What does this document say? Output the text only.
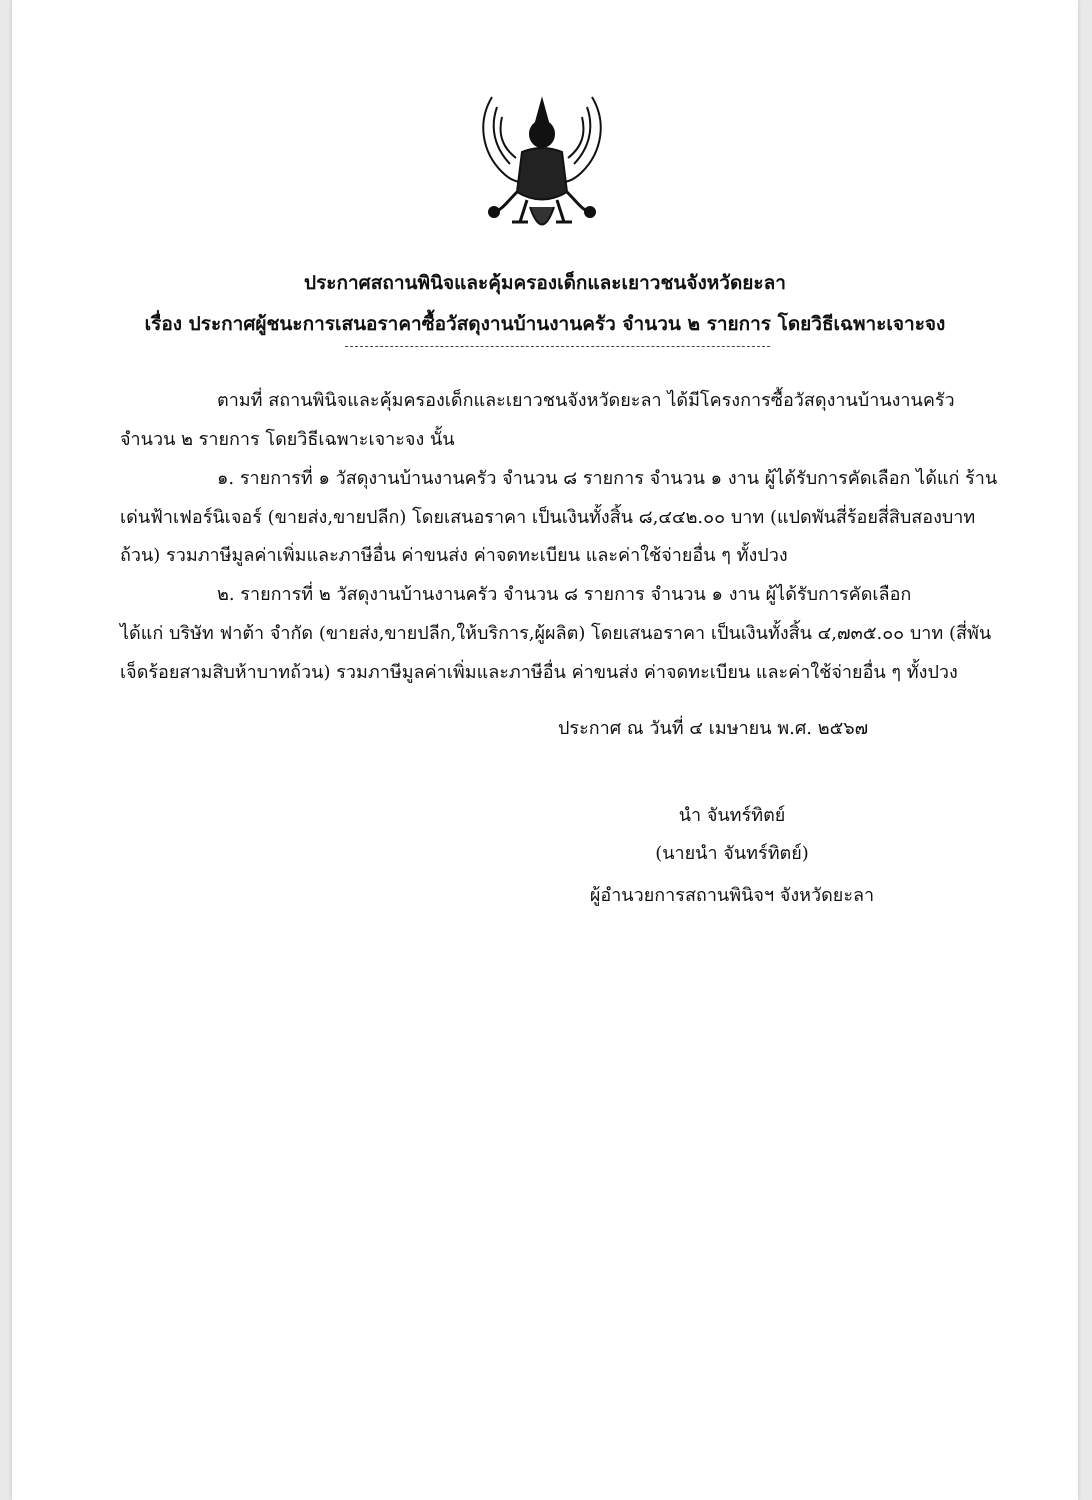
ประกาศสถานพินิจและคุ้มครองเด็กและเยาวชนจังหวัดยะลา
เรื่อง ประกาศผู้ชนะการเสนอราคาซื้อวัสดุงานบ้านงานครัว จำนวน ๒ รายการ โดยวิธีเฉพาะเจาะจง
ตามที่ สถานพินิจและคุ้มครองเด็กและเยาวชนจังหวัดยะลา ได้มีโครงการซื้อวัสดุงานบ้านงานครัว
จำนวน ๒ รายการ โดยวิธีเฉพาะเจาะจง นั้น
๑. รายการที่ ๑ วัสดุงานบ้านงานครัว จำนวน ๘ รายการ จำนวน ๑ งาน ผู้ได้รับการคัดเลือก ได้แก่ ร้าน
เด่นฟ้าเฟอร์นิเจอร์ (ขายส่ง,ขายปลีก) โดยเสนอราคา เป็นเงินทั้งสิ้น ๘,๔๔๒.๐๐ บาท (แปดพันสี่ร้อยสี่สิบสองบาท
ถ้วน) รวมภาษีมูลค่าเพิ่มและภาษีอื่น ค่าขนส่ง ค่าจดทะเบียน และค่าใช้จ่ายอื่น ๆ ทั้งปวง
๒. รายการที่ ๒ วัสดุงานบ้านงานครัว จำนวน ๘ รายการ จำนวน ๑ งาน ผู้ได้รับการคัดเลือก
ได้แก่ บริษัท ฟาต้า จำกัด (ขายส่ง,ขายปลีก,ให้บริการ,ผู้ผลิต) โดยเสนอราคา เป็นเงินทั้งสิ้น ๔,๗๓๕.๐๐ บาท (สี่พัน
เจ็ดร้อยสามสิบห้าบาทถ้วน) รวมภาษีมูลค่าเพิ่มและภาษีอื่น ค่าขนส่ง ค่าจดทะเบียน และค่าใช้จ่ายอื่น ๆ ทั้งปวง
ประกาศ ณ วันที่ ๔ เมษายน พ.ศ. ๒๕๖๗
นำ จันทร์ทิตย์
(นายนำ จันทร์ทิตย์)
ผู้อำนวยการสถานพินิจฯ จังหวัดยะลา
